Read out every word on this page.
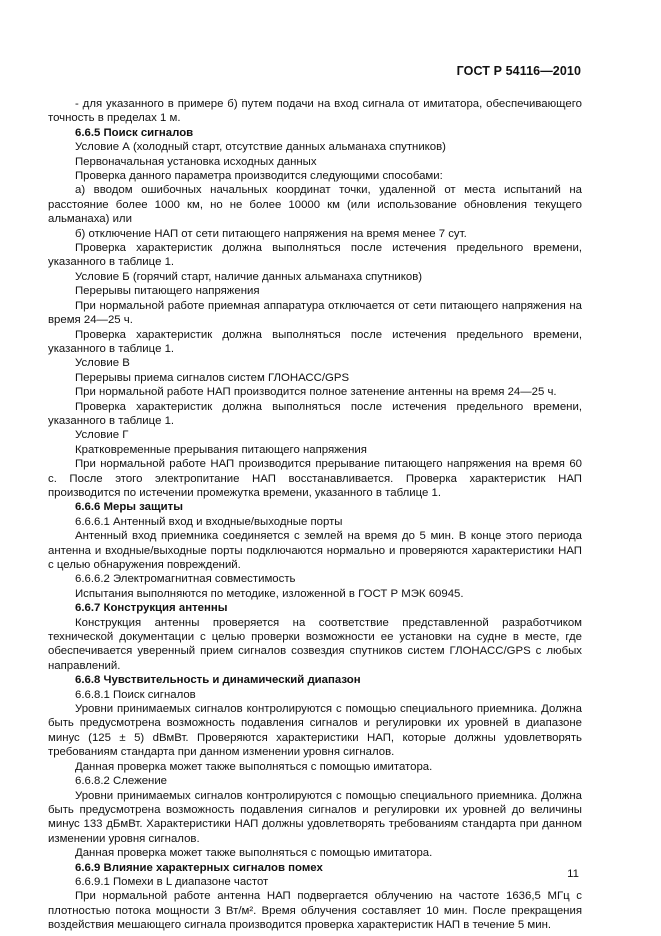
ГОСТ Р 54116—2010

- для указанного в примере б) путем подачи на вход сигнала от имитатора, обеспечивающего точность в пределах 1 м.

6.6.5 Поиск сигналов

Условие А (холодный старт, отсутствие данных альманаха спутников)

Первоначальная установка исходных данных

Проверка данного параметра производится следующими способами:

а) вводом ошибочных начальных координат точки, удаленной от места испытаний на расстояние более 1000 км, но не более 10000 км (или использование обновления текущего альманаха) или

б) отключение НАП от сети питающего напряжения на время менее 7 сут.

Проверка характеристик должна выполняться после истечения предельного времени, указанного в таблице 1.

Условие Б (горячий старт, наличие данных альманаха спутников)

Перерывы питающего напряжения

При нормальной работе приемная аппаратура отключается от сети питающего напряжения на время 24—25 ч.

Проверка характеристик должна выполняться после истечения предельного времени, указанного в таблице 1.

Условие В

Перерывы приема сигналов систем ГЛОНАСС/GPS

При нормальной работе НАП производится полное затенение антенны на время 24—25 ч.

Проверка характеристик должна выполняться после истечения предельного времени, указанного в таблице 1.

Условие Г

Кратковременные прерывания питающего напряжения

При нормальной работе НАП производится прерывание питающего напряжения на время 60 с. После этого электропитание НАП восстанавливается. Проверка характеристик НАП производится по истечении промежутка времени, указанного в таблице 1.

6.6.6 Меры защиты

6.6.6.1 Антенный вход и входные/выходные порты

Антенный вход приемника соединяется с землей на время до 5 мин. В конце этого периода антенна и входные/выходные порты подключаются нормально и проверяются характеристики НАП с целью обнаружения повреждений.

6.6.6.2 Электромагнитная совместимость

Испытания выполняются по методике, изложенной в ГОСТ Р МЭК 60945.

6.6.7 Конструкция антенны

Конструкция антенны проверяется на соответствие представленной разработчиком технической документации с целью проверки возможности ее установки на судне в месте, где обеспечивается уверенный прием сигналов созвездия спутников систем ГЛОНАСС/GPS с любых направлений.

6.6.8 Чувствительность и динамический диапазон

6.6.8.1 Поиск сигналов

Уровни принимаемых сигналов контролируются с помощью специального приемника. Должна быть предусмотрена возможность подавления сигналов и регулировки их уровней в диапазоне минус (125 ± 5) dВмВт. Проверяются характеристики НАП, которые должны удовлетворять требованиям стандарта при данном изменении уровня сигналов.

Данная проверка может также выполняться с помощью имитатора.

6.6.8.2 Слежение

Уровни принимаемых сигналов контролируются с помощью специального приемника. Должна быть предусмотрена возможность подавления сигналов и регулировки их уровней до величины минус 133 дБмВт. Характеристики НАП должны удовлетворять требованиям стандарта при данном изменении уровня сигналов.

Данная проверка может также выполняться с помощью имитатора.

6.6.9 Влияние характерных сигналов помех

6.6.9.1 Помехи в L диапазоне частот

При нормальной работе антенна НАП подвергается облучению на частоте 1636,5 МГц с плотностью потока мощности 3 Вт/м². Время облучения составляет 10 мин. После прекращения воздействия мешающего сигнала производится проверка характеристик НАП в течение 5 мин.

11
